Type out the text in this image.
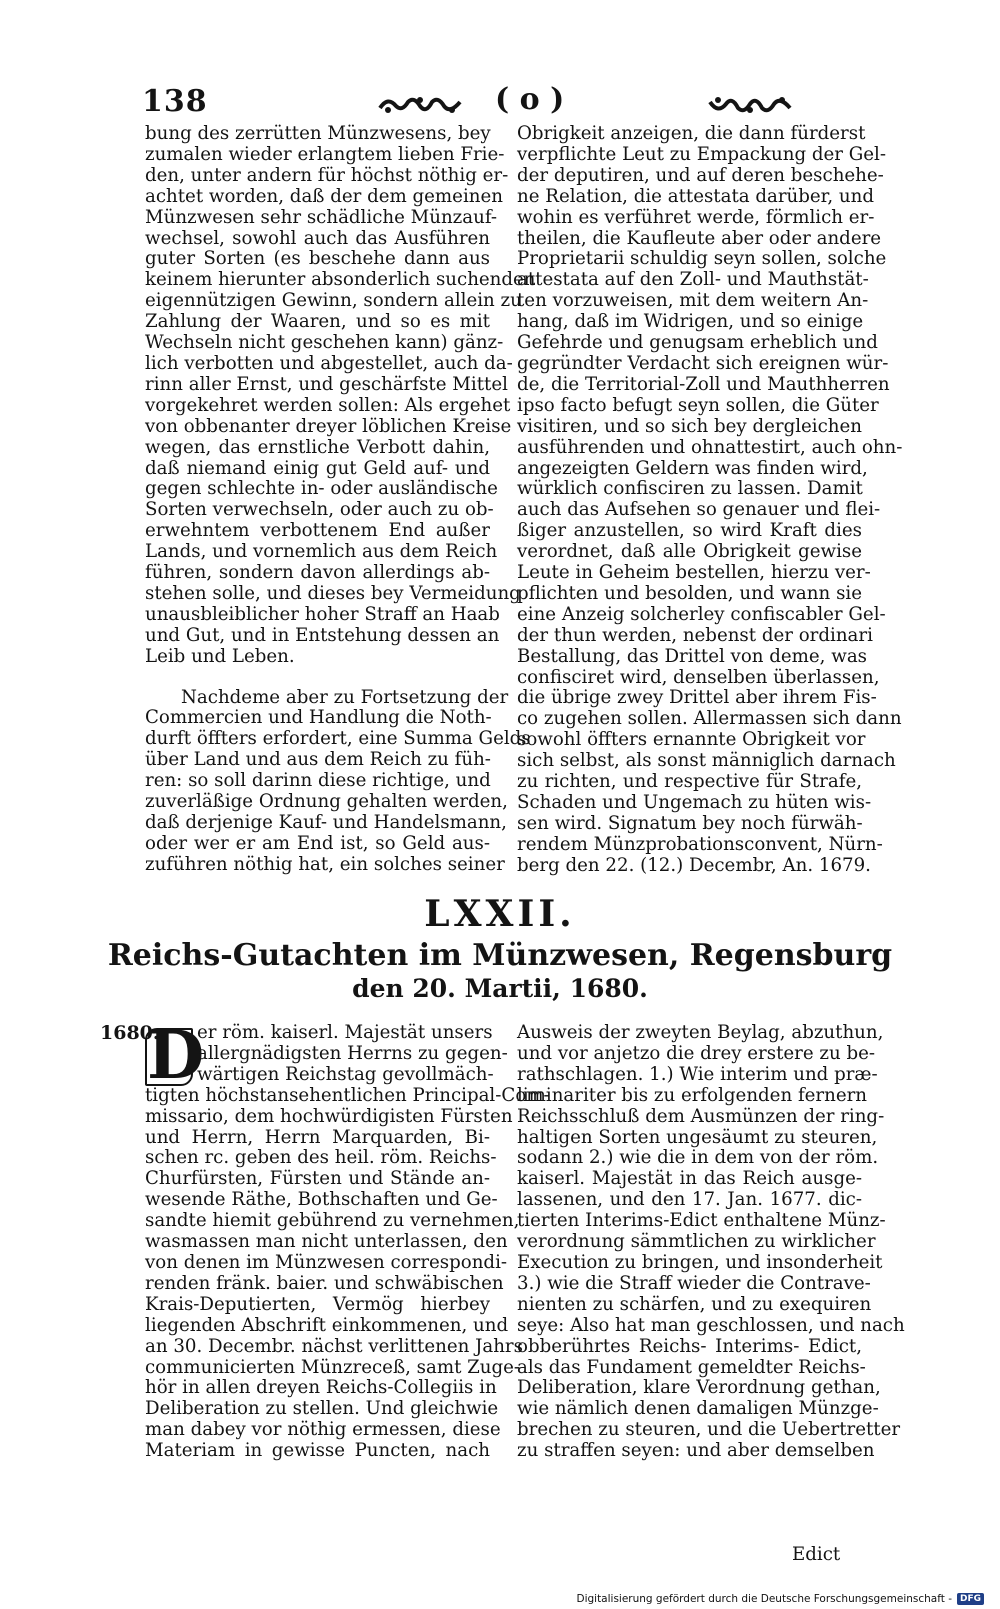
138	( o )
bung des zerrütten Münzwesens, bey
zumalen wieder erlangtem lieben Frie-
den, unter andern für höchst nöthig er-
achtet worden, daß der dem gemeinen
Münzwesen sehr schädliche Münzauf-
wechsel, sowohl auch das Ausführen
guter Sorten (es beschehe dann aus
keinem hierunter absonderlich suchenden
eigennützigen Gewinn, sondern allein zu
Zahlung der Waaren, und so es mit
Wechseln nicht geschehen kann) gänz-
lich verbotten und abgestellet, auch da-
rinn aller Ernst, und geschärfste Mittel
vorgekehret werden sollen: Als ergehet
von obbenanter dreyer löblichen Kreise
wegen, das ernstliche Verbott dahin,
daß niemand einig gut Geld auf- und
gegen schlechte in- oder ausländische
Sorten verwechseln, oder auch zu ob-
erwehntem verbottenem End außer
Lands, und vornemlich aus dem Reich
führen, sondern davon allerdings ab-
stehen solle, und dieses bey Vermeidung
unausbleiblicher hoher Straff an Haab
und Gut, und in Entstehung dessen an
Leib und Leben.
Nachdeme aber zu Fortsetzung der
Commercien und Handlung die Noth-
durft öffters erfordert, eine Summa Gelds
über Land und aus dem Reich zu füh-
ren: so soll darinn diese richtige, und
zuverläßige Ordnung gehalten werden,
daß derjenige Kauf- und Handelsmann,
oder wer er am End ist, so Geld aus-
zuführen nöthig hat, ein solches seiner
Obrigkeit anzeigen, die dann fürderst
verpflichte Leut zu Empackung der Gel-
der deputiren, und auf deren beschehe-
ne Relation, die attestata darüber, und
wohin es verführet werde, förmlich er-
theilen, die Kaufleute aber oder andere
Proprietarii schuldig seyn sollen, solche
attestata auf den Zoll- und Mauthstät-
ten vorzuweisen, mit dem weitern An-
hang, daß im Widrigen, und so einige
Gefehrde und genugsam erheblich und
gegründter Verdacht sich ereignen wür-
de, die Territorial-Zoll und Mauthherren
ipso facto befugt seyn sollen, die Güter
visitiren, und so sich bey dergleichen
ausführenden und ohnattestirt, auch ohn-
angezeigten Geldern was finden wird,
würklich confisciren zu lassen. Damit
auch das Aufsehen so genauer und flei-
ßiger anzustellen, so wird Kraft dies
verordnet, daß alle Obrigkeit gewise
Leute in Geheim bestellen, hierzu ver-
pflichten und besolden, und wann sie
eine Anzeig solcherley confiscabler Gel-
der thun werden, nebenst der ordinari
Bestallung, das Drittel von deme, was
confisciret wird, denselben überlassen,
die übrige zwey Drittel aber ihrem Fis-
co zugehen sollen. Allermassen sich dann
sowohl öffters ernannte Obrigkeit vor
sich selbst, als sonst männiglich darnach
zu richten, und respective für Strafe,
Schaden und Ungemach zu hüten wis-
sen wird. Signatum bey noch fürwäh-
rendem Münzprobationsconvent, Nürn-
berg den 22. (12.) Decembr, An. 1679.
LXXII.
Reichs-Gutachten im Münzwesen, Regensburg
den 20. Martii, 1680.
1680.
D
er röm. kaiserl. Majestät unsers
allergnädigsten Herrns zu gegen-
wärtigen Reichstag gevollmäch-
tigten höchstansehentlichen Principal-Com-
missario, dem hochwürdigisten Fürsten
und Herrn, Herrn Marquarden, Bi-
schen rc. geben des heil. röm. Reichs-
Churfürsten, Fürsten und Stände an-
wesende Räthe, Bothschaften und Ge-
sandte hiemit gebührend zu vernehmen,
wasmassen man nicht unterlassen, den
von denen im Münzwesen correspondi-
renden fränk. baier. und schwäbischen
Krais-Deputierten, Vermög hierbey
liegenden Abschrift einkommenen, und
an 30. Decembr. nächst verlittenen Jahrs
communicierten Münzreceß, samt Zuge-
hör in allen dreyen Reichs-Collegiis in
Deliberation zu stellen. Und gleichwie
man dabey vor nöthig ermessen, diese
Materiam in gewisse Puncten, nach
Ausweis der zweyten Beylag, abzuthun,
und vor anjetzo die drey erstere zu be-
rathschlagen. 1.) Wie interim und præ-
liminariter bis zu erfolgenden fernern
Reichsschluß dem Ausmünzen der ring-
haltigen Sorten ungesäumt zu steuren,
sodann 2.) wie die in dem von der röm.
kaiserl. Majestät in das Reich ausge-
lassenen, und den 17. Jan. 1677. dic-
tierten Interims-Edict enthaltene Münz-
verordnung sämmtlichen zu wirklicher
Execution zu bringen, und insonderheit
3.) wie die Straff wieder die Contrave-
nienten zu schärfen, und zu exequiren
seye: Also hat man geschlossen, und nach
obberührtes Reichs- Interims- Edict,
als das Fundament gemeldter Reichs-
Deliberation, klare Verordnung gethan,
wie nämlich denen damaligen Münzge-
brechen zu steuren, und die Uebertretter
zu straffen seyen: und aber demselben
Edict
Digitalisierung gefördert durch die Deutsche Forschungsgemeinschaft - DFG
